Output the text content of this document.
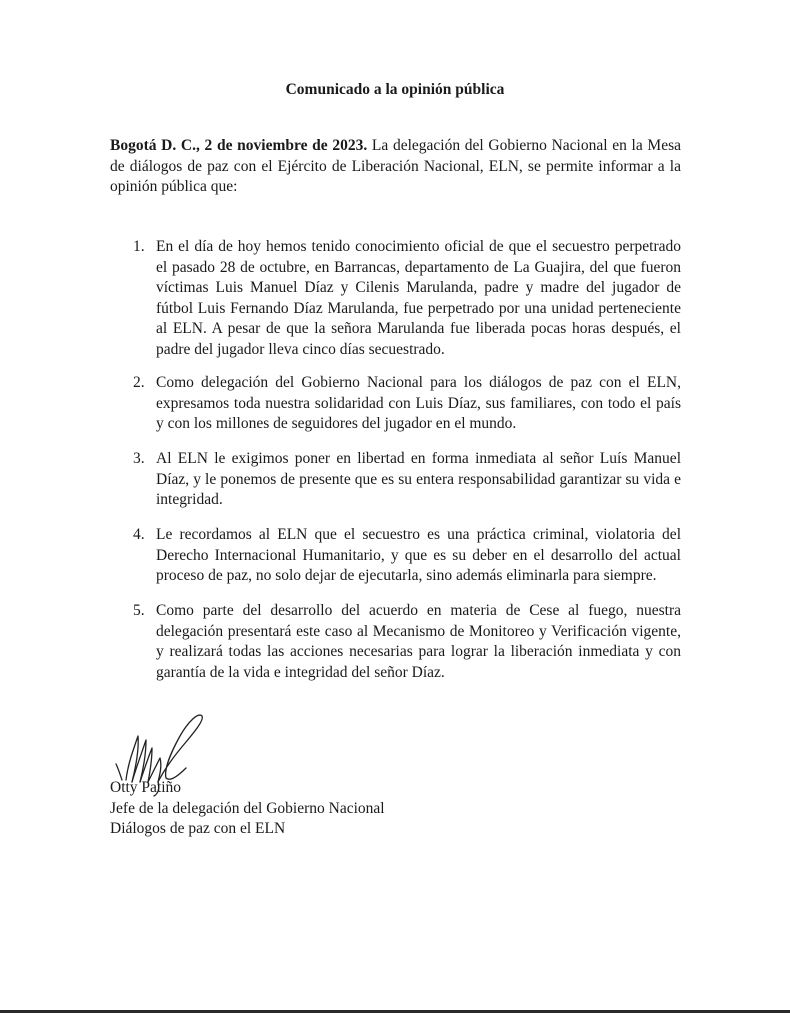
Comunicado a la opinión pública

Bogotá D. C., 2 de noviembre de 2023. La delegación del Gobierno Nacional en la Mesa de diálogos de paz con el Ejército de Liberación Nacional, ELN, se permite informar a la opinión pública que:

1. En el día de hoy hemos tenido conocimiento oficial de que el secuestro perpetrado el pasado 28 de octubre, en Barrancas, departamento de La Guajira, del que fueron víctimas Luis Manuel Díaz y Cilenis Marulanda, padre y madre del jugador de fútbol Luis Fernando Díaz Marulanda, fue perpetrado por una unidad perteneciente al ELN. A pesar de que la señora Marulanda fue liberada pocas horas después, el padre del jugador lleva cinco días secuestrado.

2. Como delegación del Gobierno Nacional para los diálogos de paz con el ELN, expresamos toda nuestra solidaridad con Luis Díaz, sus familiares, con todo el país y con los millones de seguidores del jugador en el mundo.

3. Al ELN le exigimos poner en libertad en forma inmediata al señor Luís Manuel Díaz, y le ponemos de presente que es su entera responsabilidad garantizar su vida e integridad.

4. Le recordamos al ELN que el secuestro es una práctica criminal, violatoria del Derecho Internacional Humanitario, y que es su deber en el desarrollo del actual proceso de paz, no solo dejar de ejecutarla, sino además eliminarla para siempre.

5. Como parte del desarrollo del acuerdo en materia de Cese al fuego, nuestra delegación presentará este caso al Mecanismo de Monitoreo y Verificación vigente, y realizará todas las acciones necesarias para lograr la liberación inmediata y con garantía de la vida e integridad del señor Díaz.

Otty Patiño
Jefe de la delegación del Gobierno Nacional
Diálogos de paz con el ELN
